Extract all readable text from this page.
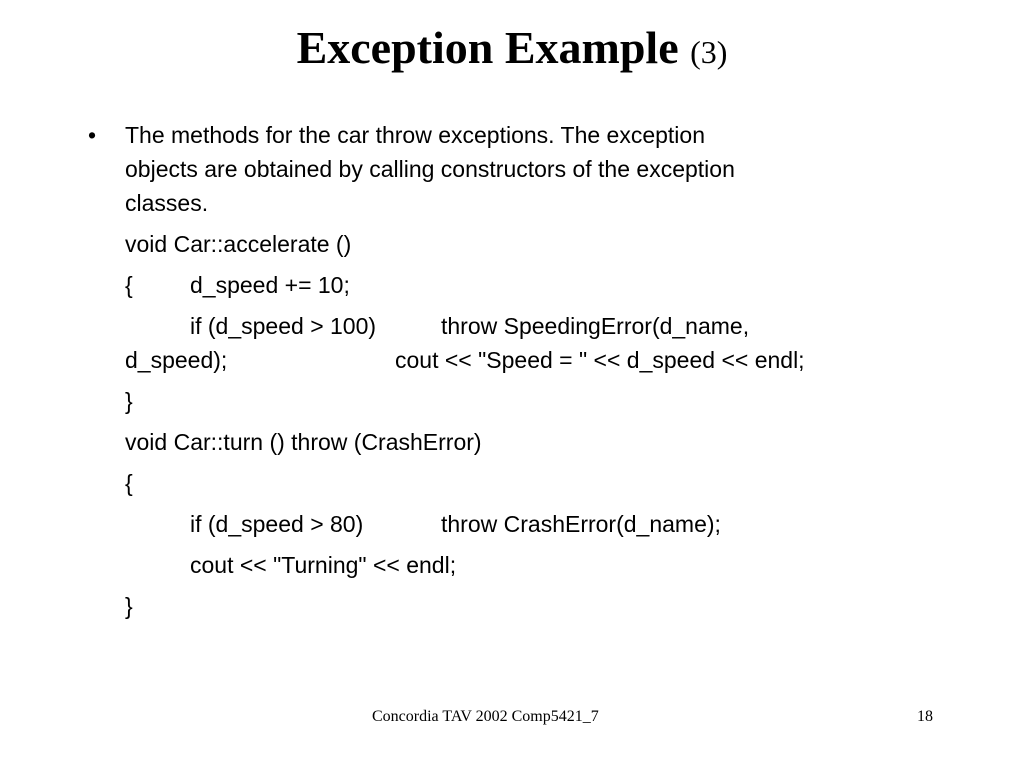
Exception Example (3)
• The methods for the car throw exceptions. The exception
objects are obtained by calling constructors of the exception
classes.
void Car::accelerate ()
{ d_speed += 10;
if (d_speed > 100)	throw SpeedingError(d_name,
d_speed);	cout << "Speed = " << d_speed << endl;
}
void Car::turn () throw (CrashError)
{
if (d_speed > 80)	throw CrashError(d_name);
cout << "Turning" << endl;
}
Concordia TAV 2002 Comp5421_7	18
